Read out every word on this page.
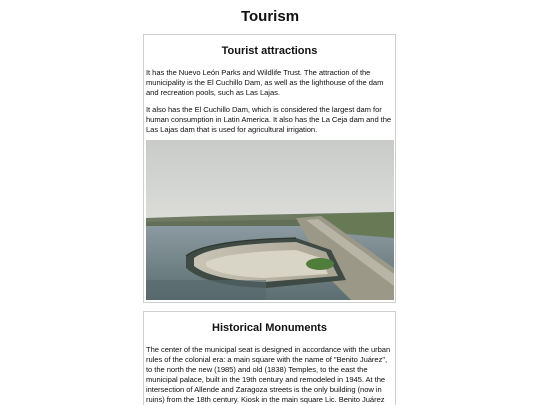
Tourism
Tourist attractions

It has the Nuevo León Parks and Wildlife Trust. The attraction of the municipality is the El Cuchillo Dam, as well as the lighthouse of the dam and recreation pools, such as Las Lajas.

It also has the El Cuchillo Dam, which is considered the largest dam for human consumption in Latin America. It also has the La Ceja dam and the Las Lajas dam that is used for agricultural irrigation.

Historical Monuments

The center of the municipal seat is designed in accordance with the urban rules of the colonial era: a main square with the name of "Benito Juárez", to the north the new (1985) and old (1838) Temples, to the east the municipal palace, built in the 19th century and remodeled in 1945. At the intersection of Allende and Zaragoza streets is the only building (now in ruins) from the 18th century. Kiosk in the main square Lic. Benito Juárez
